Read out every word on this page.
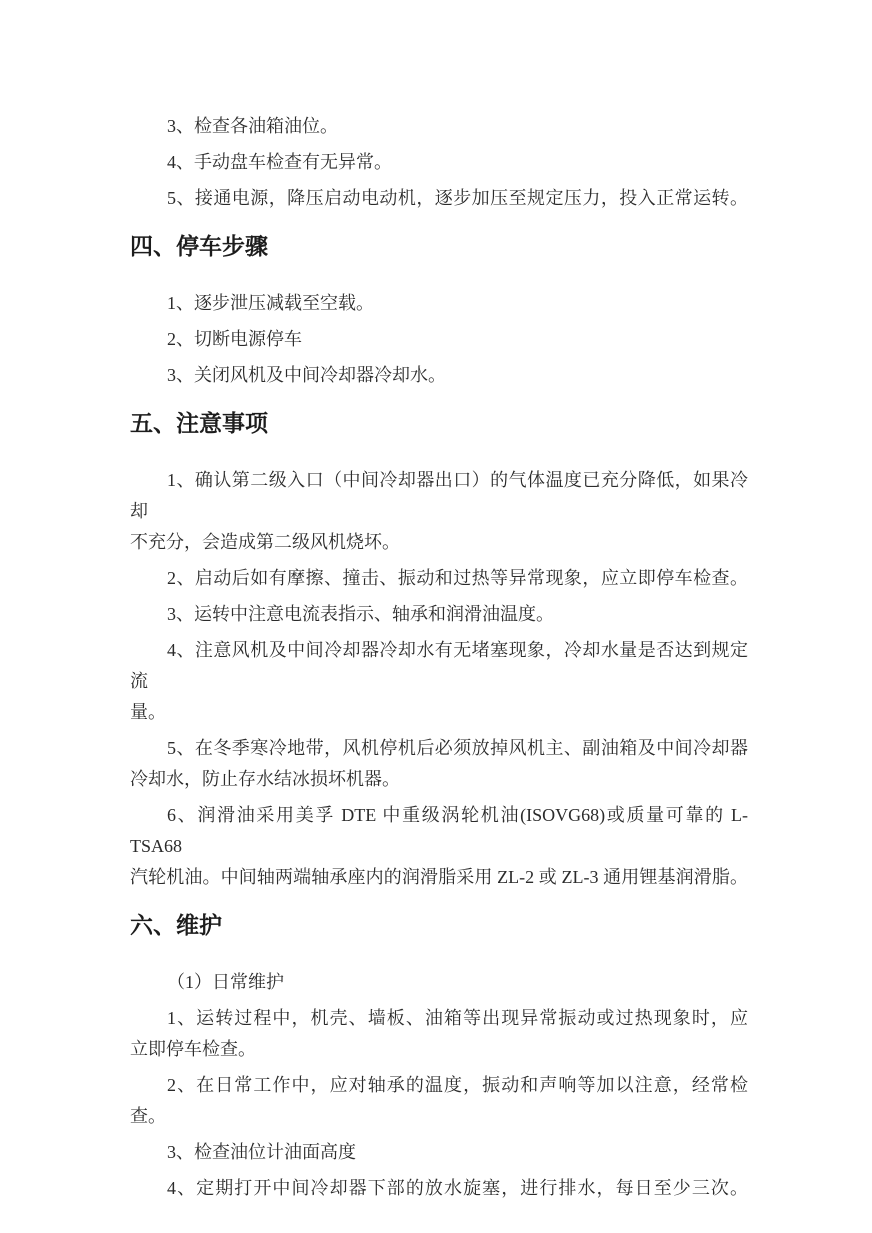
3、检查各油箱油位。
4、手动盘车检查有无异常。
5、接通电源，降压启动电动机，逐步加压至规定压力，投入正常运转。
四、停车步骤
1、逐步泄压减载至空载。
2、切断电源停车
3、关闭风机及中间冷却器冷却水。
五、注意事项
1、确认第二级入口（中间冷却器出口）的气体温度已充分降低，如果冷却
不充分，会造成第二级风机烧坏。
2、启动后如有摩擦、撞击、振动和过热等异常现象，应立即停车检查。
3、运转中注意电流表指示、轴承和润滑油温度。
4、注意风机及中间冷却器冷却水有无堵塞现象，冷却水量是否达到规定流
量。
5、在冬季寒冷地带，风机停机后必须放掉风机主、副油箱及中间冷却器
冷却水，防止存水结冰损坏机器。
6、润滑油采用美孚 DTE 中重级涡轮机油(ISOVG68)或质量可靠的 L-TSA68
汽轮机油。中间轴两端轴承座内的润滑脂采用 ZL-2 或 ZL-3 通用锂基润滑脂。
六、维护
（1）日常维护
1、运转过程中，机壳、墙板、油箱等出现异常振动或过热现象时，应
立即停车检查。
2、在日常工作中，应对轴承的温度，振动和声响等加以注意，经常检
查。
3、检查油位计油面高度
4、定期打开中间冷却器下部的放水旋塞，进行排水，每日至少三次。
